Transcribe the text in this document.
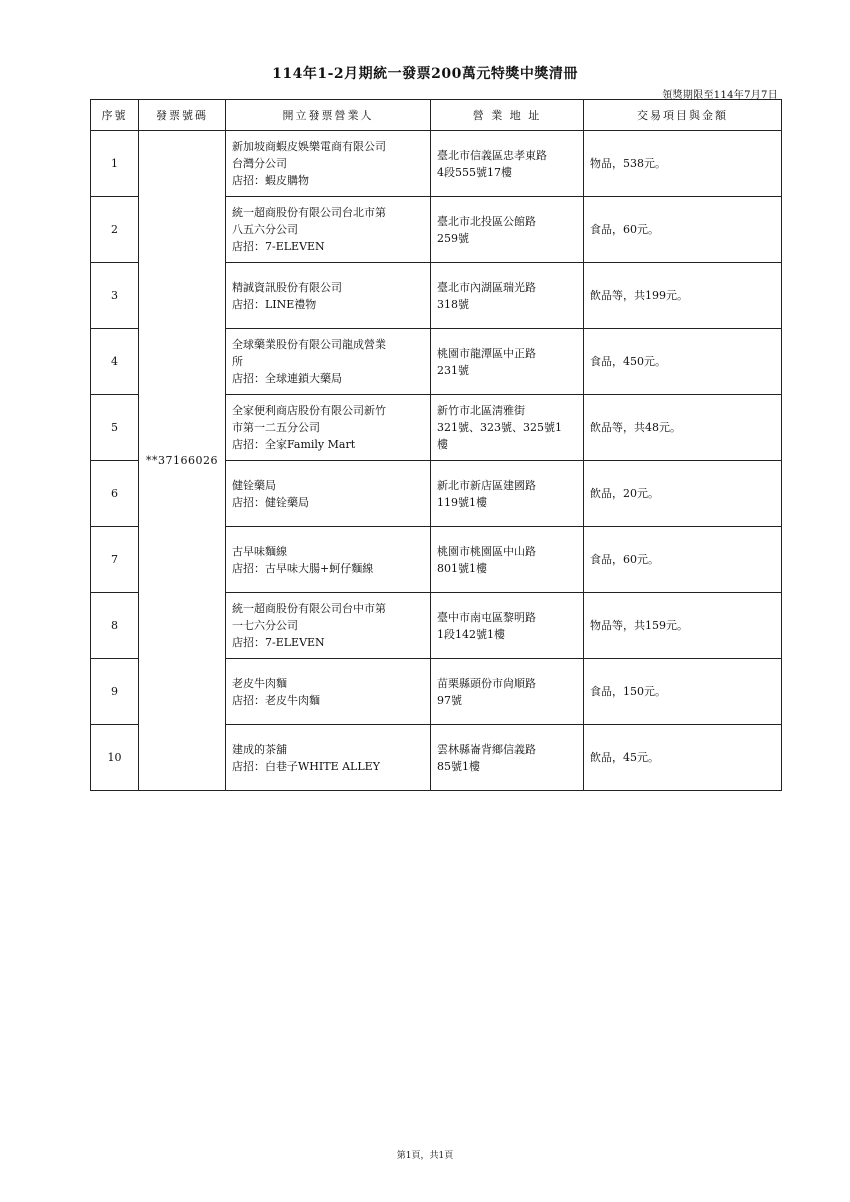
114年1-2月期統一發票200萬元特獎中獎清冊
領獎期限至114年7月7日
序號	發票號碼	開立發票營業人	營 業 地 址	交易項目與金額
1	**37166026	新加坡商蝦皮娛樂電商有限公司
台灣分公司
店招：蝦皮購物	臺北市信義區忠孝東路
4段555號17樓	物品，538元。
2		統一超商股份有限公司台北市第
八五六分公司
店招：7-ELEVEN	臺北市北投區公館路
259號	食品，60元。
3		精誠資訊股份有限公司
店招：LINE禮物	臺北市內湖區瑞光路
318號	飲品等，共199元。
4		全球藥業股份有限公司龍成營業
所
店招：全球連鎖大藥局	桃園市龍潭區中正路
231號	食品，450元。
5		全家便利商店股份有限公司新竹
市第一二五分公司
店招：全家Family Mart	新竹市北區淸雅街
321號、323號、325號1
樓	飲品等，共48元。
6		健铨藥局
店招：健铨藥局	新北市新店區建國路
119號1樓	飲品，20元。
7		古早味麵線
店招：古早味大腸+蚵仔麵線	桃園市桃園區中山路
801號1樓	食品，60元。
8		統一超商股份有限公司台中市第
一七六分公司
店招：7-ELEVEN	臺中市南屯區黎明路
1段142號1樓	物品等，共159元。
9		老皮牛肉麵
店招：老皮牛肉麵	苗栗縣頭份市尙順路
97號	食品，150元。
10		建成的茶舖
店招：白巷子WHITE ALLEY	雲林縣崙背鄉信義路
85號1樓	飲品，45元。
第1頁，共1頁
